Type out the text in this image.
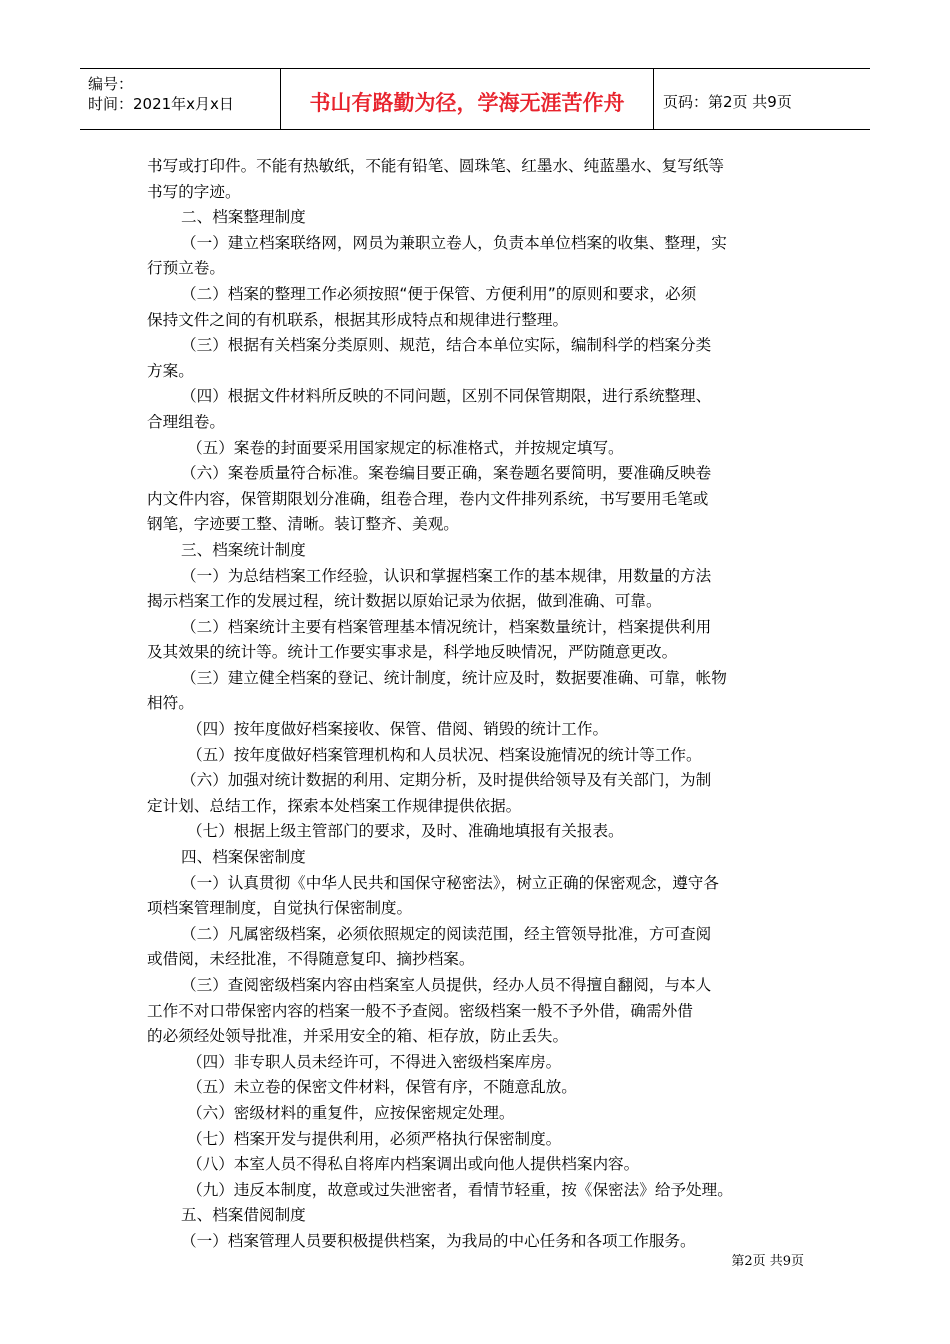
编号：
时间：2021年x月x日	书山有路勤为径，学海无涯苦作舟	页码：第2页 共9页
书写或打印件。不能有热敏纸，不能有铅笔、圆珠笔、红墨水、纯蓝墨水、复写纸等
书写的字迹。
二、档案整理制度
（一）建立档案联络网，网员为兼职立卷人，负责本单位档案的收集、整理，实
行预立卷。
（二）档案的整理工作必须按照“便于保管、方便利用”的原则和要求，必须
保持文件之间的有机联系，根据其形成特点和规律进行整理。
（三）根据有关档案分类原则、规范，结合本单位实际，编制科学的档案分类
方案。
（四）根据文件材料所反映的不同问题，区别不同保管期限，进行系统整理、
合理组卷。
（五）案卷的封面要采用国家规定的标准格式，并按规定填写。
（六）案卷质量符合标准。案卷编目要正确，案卷题名要简明，要准确反映卷
内文件内容，保管期限划分准确，组卷合理，卷内文件排列系统，书写要用毛笔或
钢笔，字迹要工整、清晰。装订整齐、美观。
三、档案统计制度
（一）为总结档案工作经验，认识和掌握档案工作的基本规律，用数量的方法
揭示档案工作的发展过程，统计数据以原始记录为依据，做到准确、可靠。
（二）档案统计主要有档案管理基本情况统计，档案数量统计，档案提供利用
及其效果的统计等。统计工作要实事求是，科学地反映情况，严防随意更改。
（三）建立健全档案的登记、统计制度，统计应及时，数据要准确、可靠，帐物
相符。
（四）按年度做好档案接收、保管、借阅、销毁的统计工作。
（五）按年度做好档案管理机构和人员状况、档案设施情况的统计等工作。
（六）加强对统计数据的利用、定期分析，及时提供给领导及有关部门，为制
定计划、总结工作，探索本处档案工作规律提供依据。
（七）根据上级主管部门的要求，及时、准确地填报有关报表。
四、档案保密制度
（一）认真贯彻《中华人民共和国保守秘密法》，树立正确的保密观念，遵守各
项档案管理制度，自觉执行保密制度。
（二）凡属密级档案，必须依照规定的阅读范围，经主管领导批准，方可查阅
或借阅，未经批准，不得随意复印、摘抄档案。
（三）查阅密级档案内容由档案室人员提供，经办人员不得擅自翻阅，与本人
工作不对口带保密内容的档案一般不予查阅。密级档案一般不予外借，确需外借
的必须经处领导批准，并采用安全的箱、柜存放，防止丢失。
（四）非专职人员未经许可，不得进入密级档案库房。
（五）未立卷的保密文件材料，保管有序，不随意乱放。
（六）密级材料的重复件，应按保密规定处理。
（七）档案开发与提供利用，必须严格执行保密制度。
（八）本室人员不得私自将库内档案调出或向他人提供档案内容。
（九）违反本制度，故意或过失泄密者，看情节轻重，按《保密法》给予处理。
五、档案借阅制度
（一）档案管理人员要积极提供档案，为我局的中心任务和各项工作服务。
第2页 共9页
